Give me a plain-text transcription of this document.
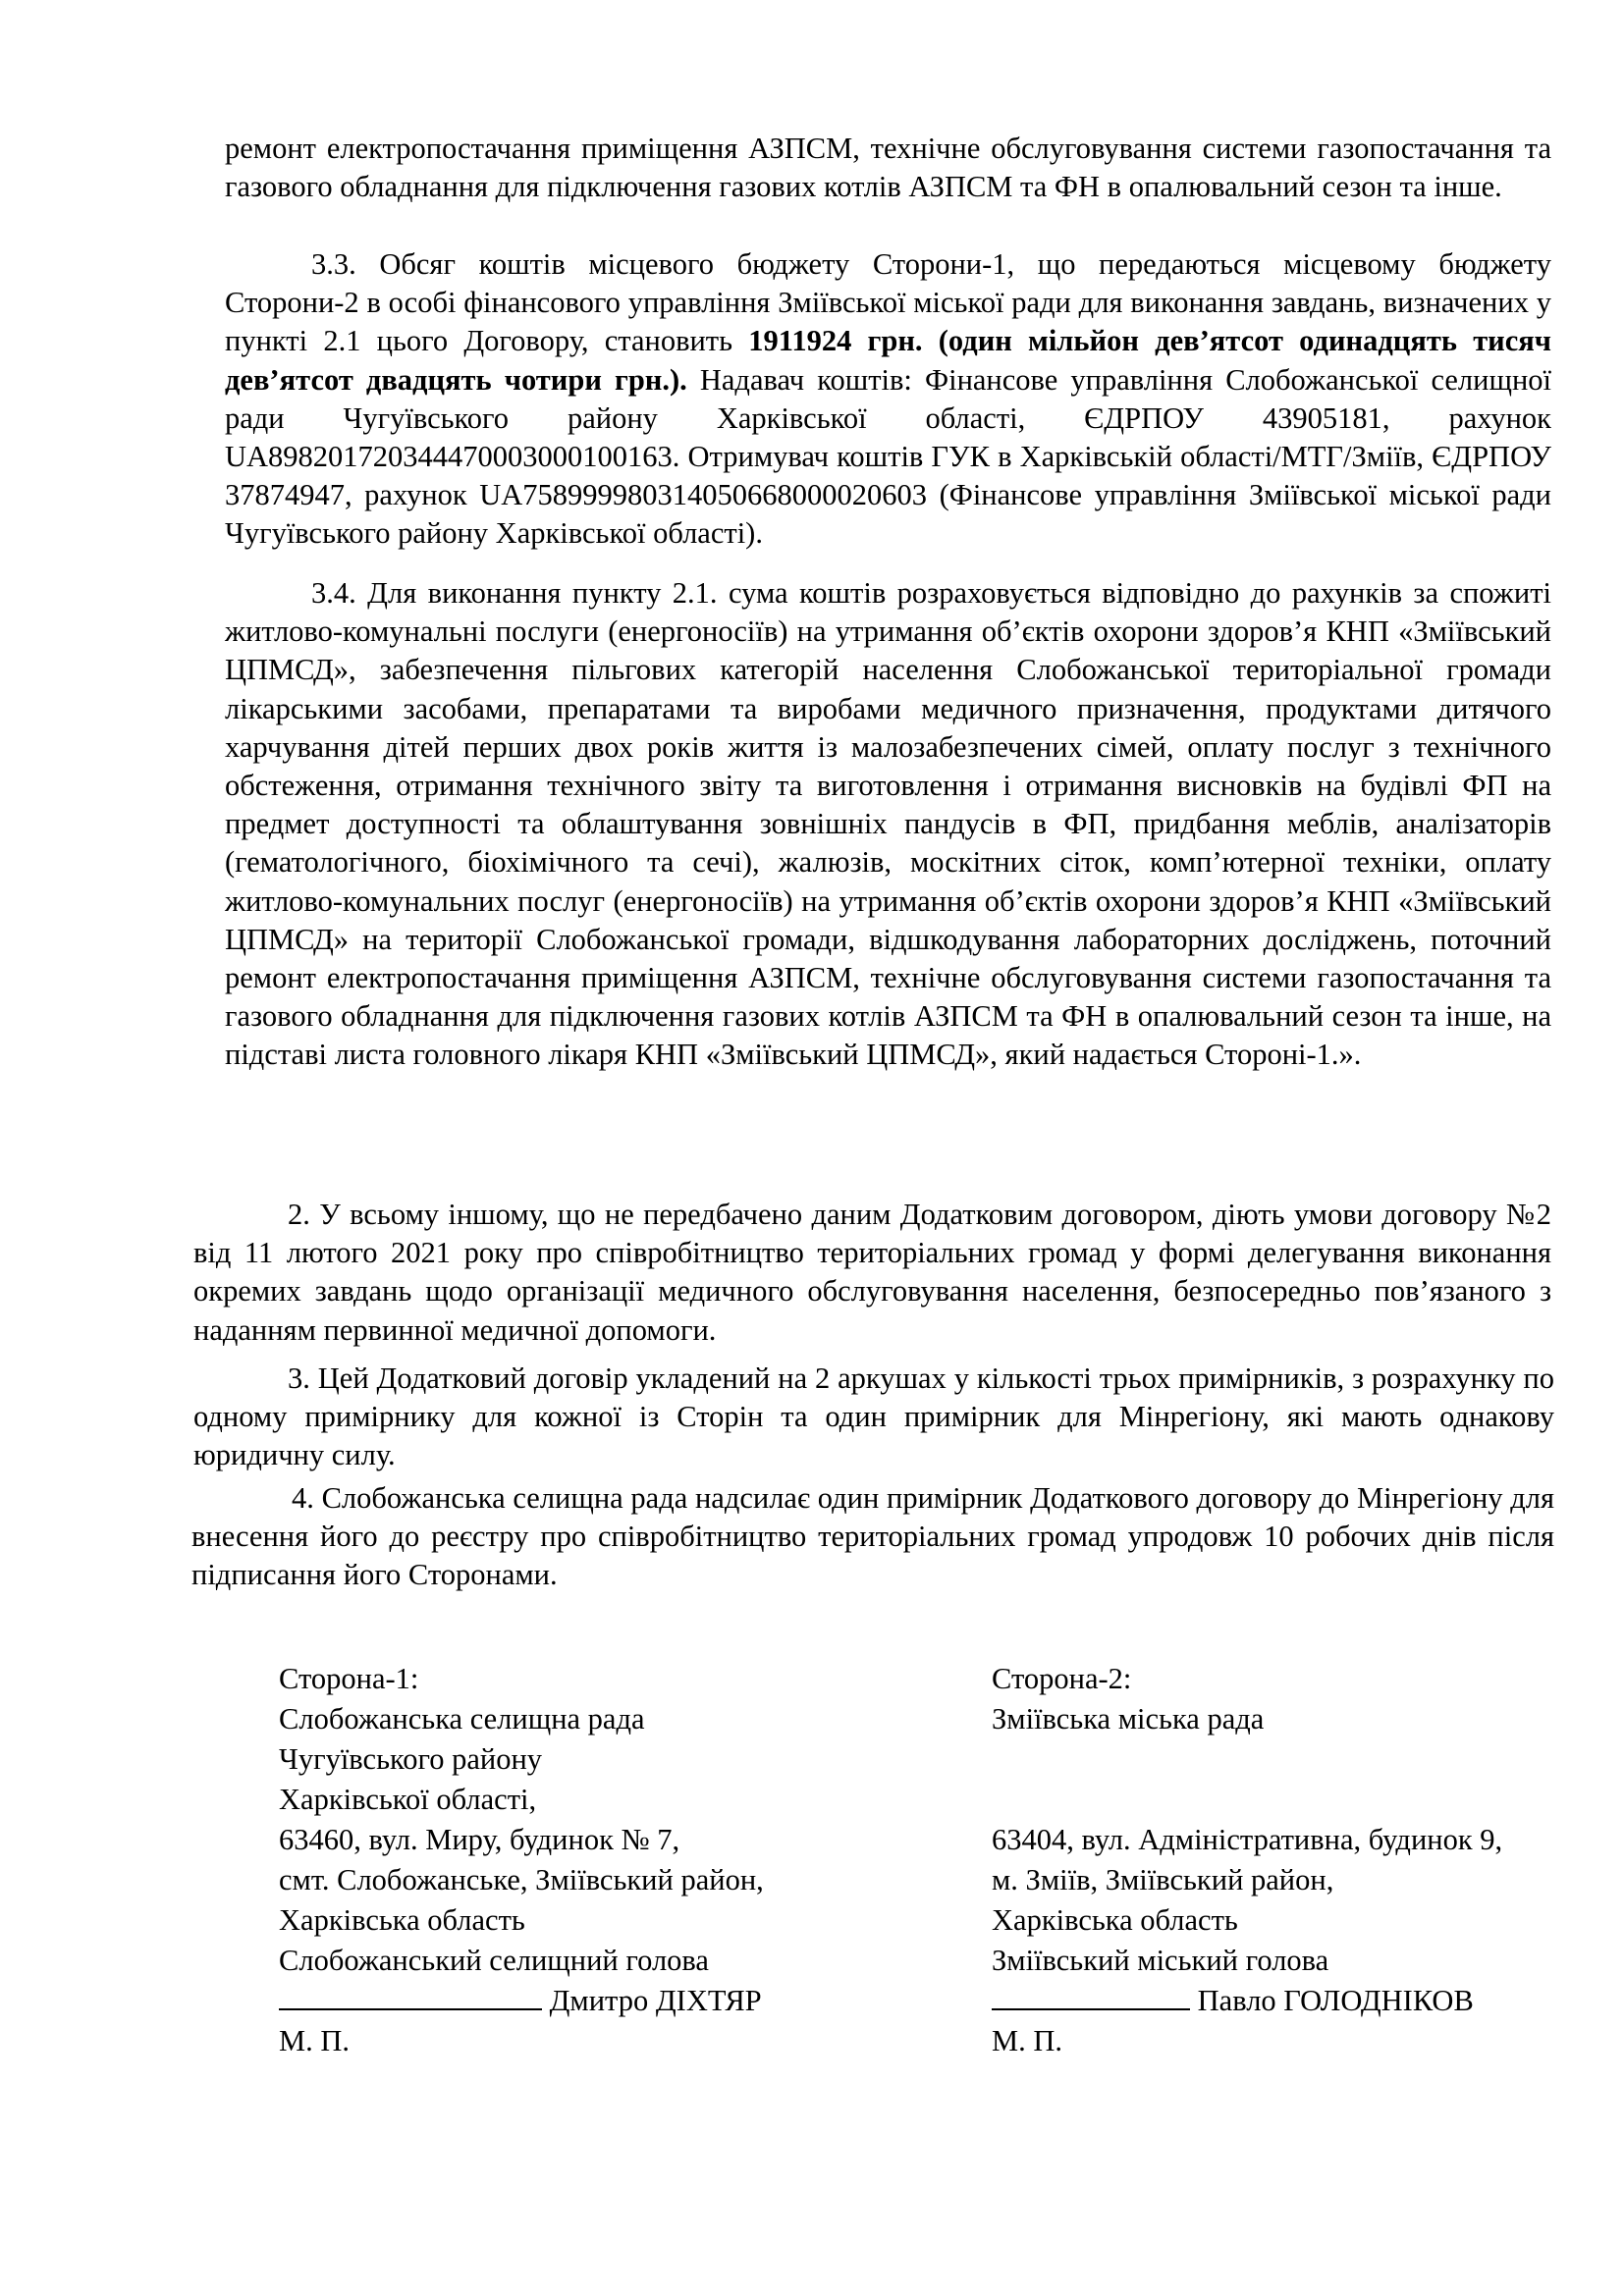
ремонт електропостачання приміщення АЗПСМ, технічне обслуговування системи газопостачання та газового обладнання для підключення газових котлів АЗПСМ та ФН в опалювальний сезон та інше.
3.3. Обсяг коштів місцевого бюджету Сторони-1, що передаються місцевому бюджету Сторони-2 в особі фінансового управління Зміївської міської ради для виконання завдань, визначених у пункті 2.1 цього Договору, становить 1911924 грн. (один мільйон дев’ятсот одинадцять тисяч дев’ятсот двадцять чотири грн.). Надавач коштів: Фінансове управління Слобожанської селищної ради Чугуївського району Харківської області, ЄДРПОУ 43905181, рахунок UA898201720344470003000100163. Отримувач коштів ГУК в Харківській області/МТГ/Зміїв, ЄДРПОУ 37874947, рахунок UA758999980314050668000020603 (Фінансове управління Зміївської міської ради Чугуївського району Харківської області).
3.4. Для виконання пункту 2.1. сума коштів розраховується відповідно до рахунків за спожиті житлово-комунальні послуги (енергоносіїв) на утримання об’єктів охорони здоров’я КНП «Зміївський ЦПМСД», забезпечення пільгових категорій населення Слобожанської територіальної громади лікарськими засобами, препаратами та виробами медичного призначення, продуктами дитячого харчування дітей перших двох років життя із малозабезпечених сімей, оплату послуг з технічного обстеження, отримання технічного звіту та виготовлення і отримання висновків на будівлі ФП на предмет доступності та облаштування зовнішніх пандусів в ФП, придбання меблів, аналізаторів (гематологічного, біохімічного та сечі), жалюзів, москітних сіток, комп’ютерної техніки, оплату житлово-комунальних послуг (енергоносіїв) на утримання об’єктів охорони здоров’я КНП «Зміївський ЦПМСД» на території Слобожанської громади, відшкодування лабораторних досліджень, поточний ремонт електропостачання приміщення АЗПСМ, технічне обслуговування системи газопостачання та газового обладнання для підключення газових котлів АЗПСМ та ФН в опалювальний сезон та інше, на підставі листа головного лікаря КНП «Зміївський ЦПМСД», який надається Стороні-1.».
2. У всьому іншому, що не передбачено даним Додатковим договором, діють умови договору №2 від 11 лютого 2021 року про співробітництво територіальних громад у формі делегування виконання окремих завдань щодо організації медичного обслуговування населення, безпосередньо пов’язаного з наданням первинної медичної допомоги.
3. Цей Додатковий договір укладений на 2 аркушах у кількості трьох примірників, з розрахунку по одному примірнику для кожної із Сторін та один примірник для Мінрегіону, які мають однакову юридичну силу.
4. Слобожанська селищна рада надсилає один примірник Додаткового договору до Мінрегіону для внесення його до реєстру про співробітництво територіальних громад упродовж 10 робочих днів після підписання його Сторонами.
Сторона-1:
Слобожанська селищна рада
Чугуївського району
Харківської області,
63460, вул. Миру, будинок № 7,
смт. Слобожанське, Зміївський район,
Харківська область
Слобожанський селищний голова
Дмитро ДІХТЯР
М. П.
Сторона-2:
Зміївська міська рада
63404, вул. Адміністративна, будинок 9,
м. Зміїв, Зміївський район,
Харківська область
Зміївський міський голова
Павло ГОЛОДНІКОВ
М. П.
